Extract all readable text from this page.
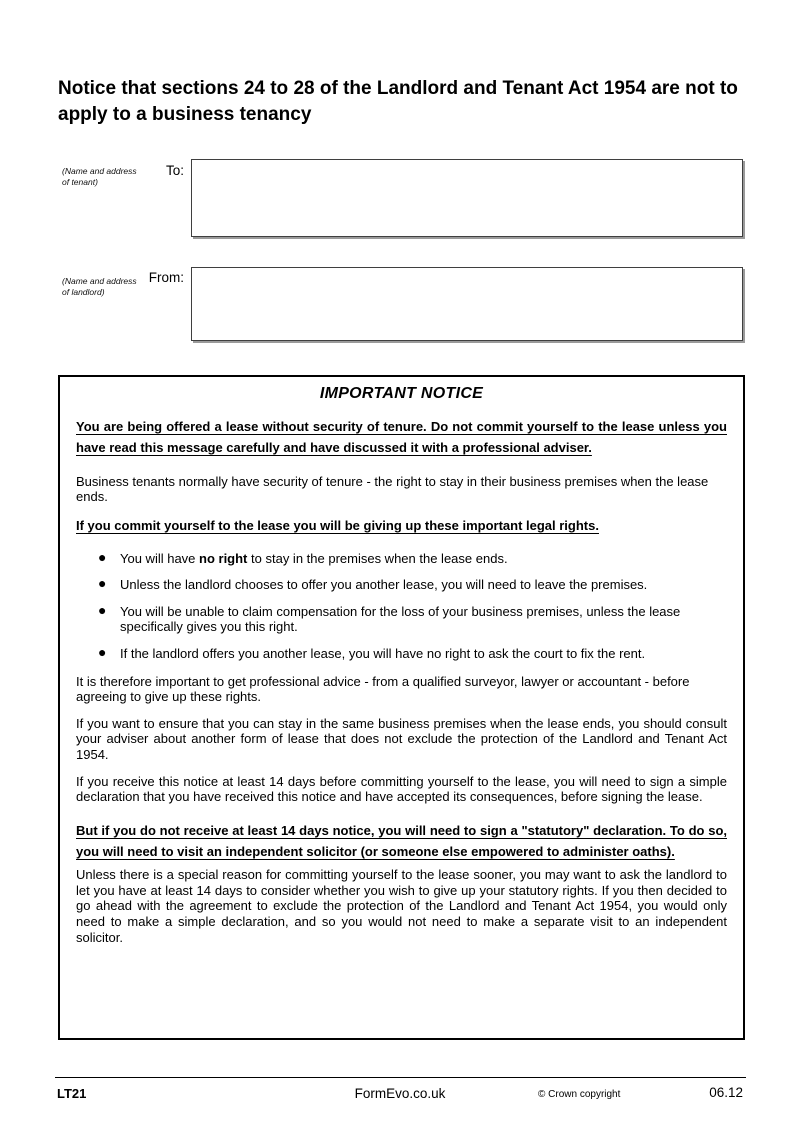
Notice that sections 24 to 28 of the Landlord and Tenant Act 1954 are not to apply to a business tenancy
(Name and address of tenant)
To:
(Name and address of landlord)
From:
IMPORTANT NOTICE

You are being offered a lease without security of tenure. Do not commit yourself to the lease unless you have read this message carefully and have discussed it with a professional adviser.

Business tenants normally have security of tenure - the right to stay in their business premises when the lease ends.

If you commit yourself to the lease you will be giving up these important legal rights.

● You will have no right to stay in the premises when the lease ends.
● Unless the landlord chooses to offer you another lease, you will need to leave the premises.
● You will be unable to claim compensation for the loss of your business premises, unless the lease specifically gives you this right.
● If the landlord offers you another lease, you will have no right to ask the court to fix the rent.

It is therefore important to get professional advice - from a qualified surveyor, lawyer or accountant - before agreeing to give up these rights.

If you want to ensure that you can stay in the same business premises when the lease ends, you should consult your adviser about another form of lease that does not exclude the protection of the Landlord and Tenant Act 1954.

If you receive this notice at least 14 days before committing yourself to the lease, you will need to sign a simple declaration that you have received this notice and have accepted its consequences, before signing the lease.

But if you do not receive at least 14 days notice, you will need to sign a "statutory" declaration. To do so, you will need to visit an independent solicitor (or someone else empowered to administer oaths).

Unless there is a special reason for committing yourself to the lease sooner, you may want to ask the landlord to let you have at least 14 days to consider whether you wish to give up your statutory rights. If you then decided to go ahead with the agreement to exclude the protection of the Landlord and Tenant Act 1954, you would only need to make a simple declaration, and so you would not need to make a separate visit to an independent solicitor.

LT21	FormEvo.co.uk	© Crown copyright	06.12
